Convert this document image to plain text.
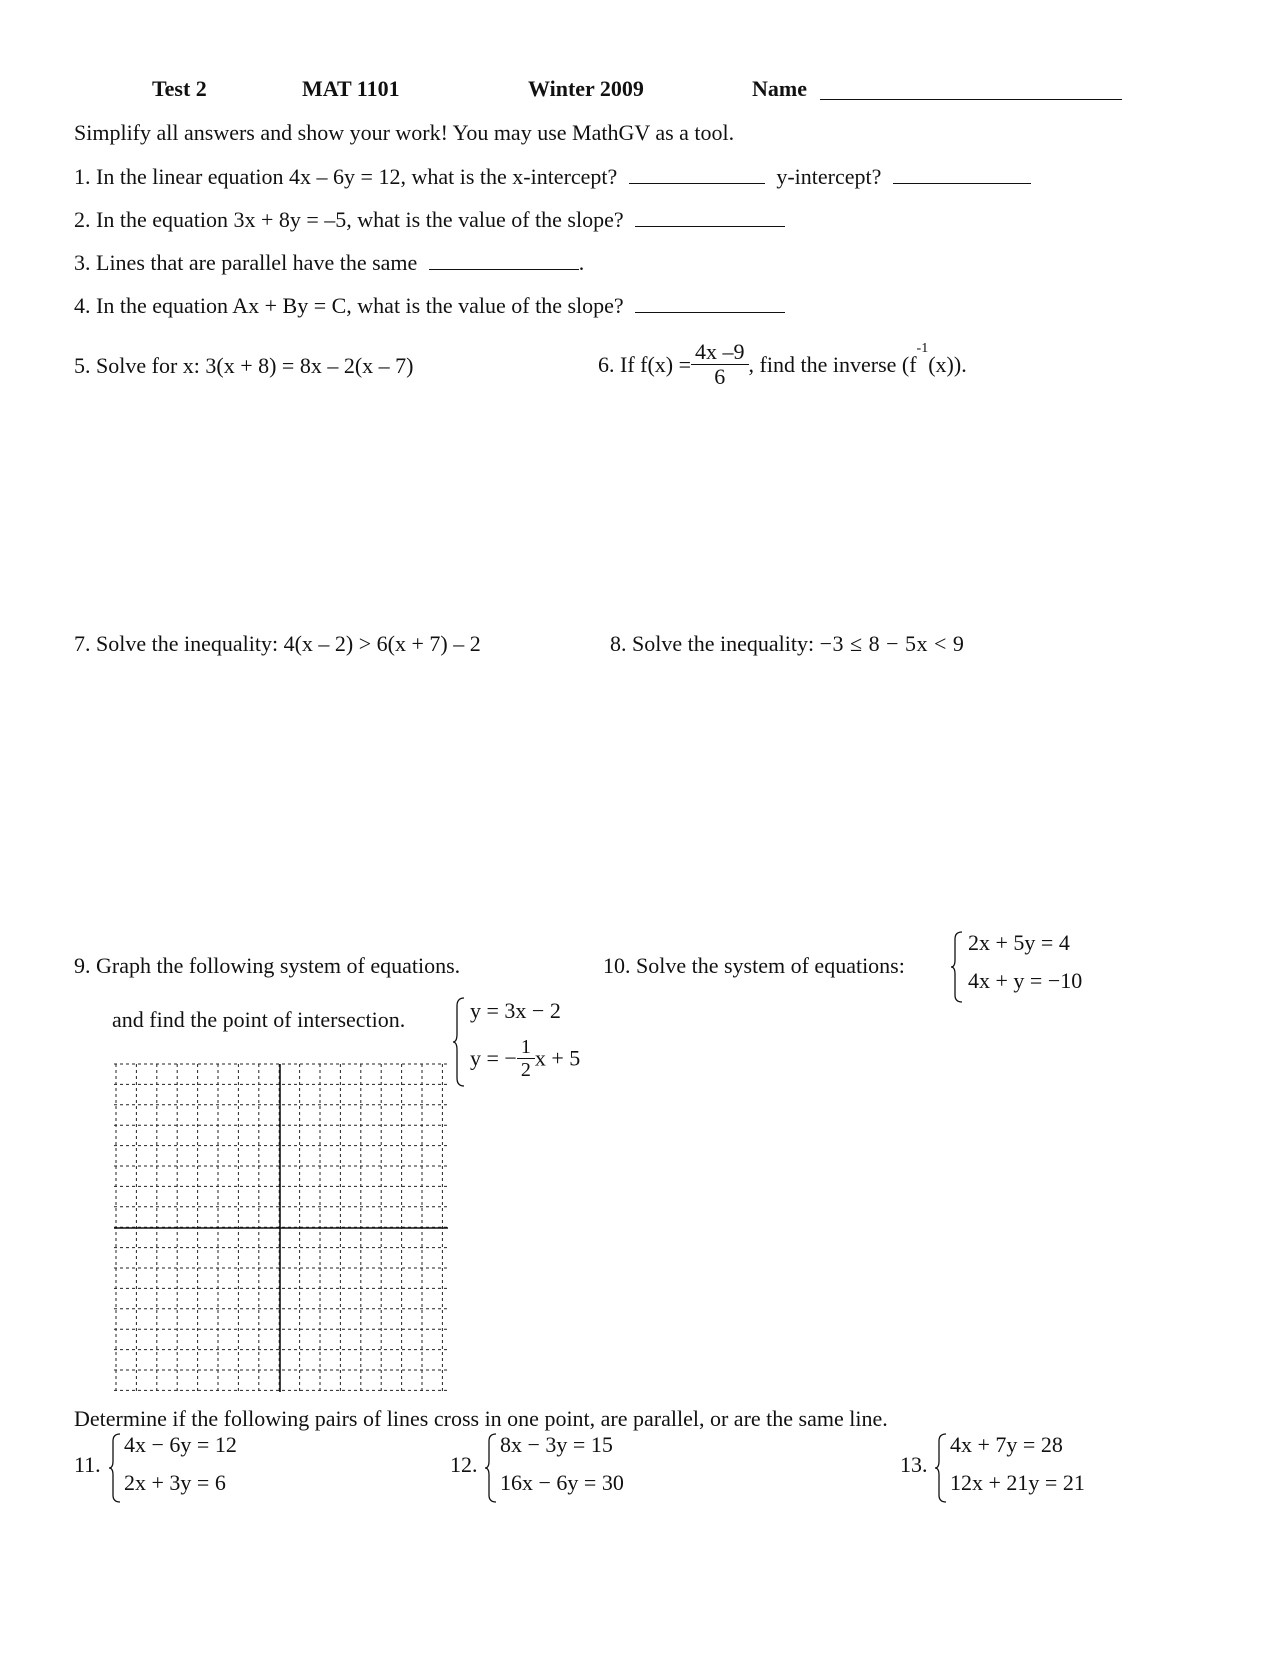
Test 2	MAT 1101	Winter 2009	Name
Simplify all answers and show your work! You may use MathGV as a tool.
1. In the linear equation 4x – 6y = 12, what is the x-intercept?	y-intercept?
2. In the equation 3x + 8y = –5, what is the value of the slope?
3. Lines that are parallel have the same	.
4. In the equation Ax + By = C, what is the value of the slope?
5. Solve for x: 3(x + 8) = 8x – 2(x – 7)	6. If $f(x) = \frac{4x -9}{6}$ , find the inverse $(f^{-1}(x))$.
7. Solve the inequality: 4(x – 2) > 6(x + 7) – 2	8. Solve the inequality: −3 ≤ 8 − 5x < 9
9. Graph the following system of equations.
and find the point of intersection.	y = 3x − 2
y = − $\frac{1}{2}$ x + 5
10. Solve the system of equations:
2x + 5y = 4
4x + y = −10
Determine if the following pairs of lines cross in one point, are parallel, or are the same line.
11.
4x − 6y = 12
2x + 3y = 6
12.
8x − 3y = 15
16x − 6y = 30
13.
4x + 7y = 28
12x + 21y = 21
